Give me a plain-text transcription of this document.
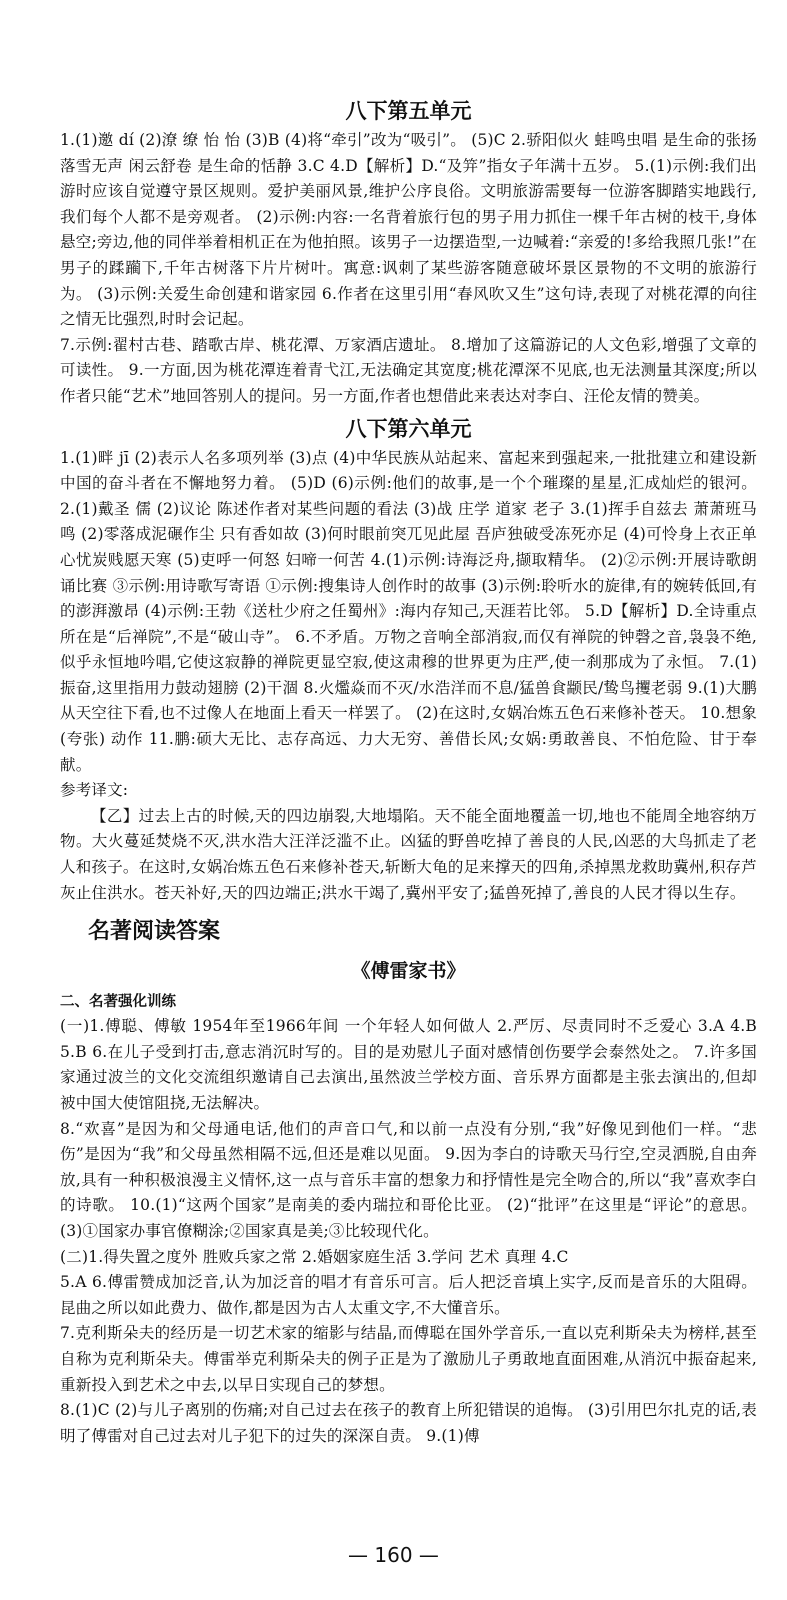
八下第五单元

1.(1)邀 dí (2)潦 缭 怡 怡 (3)B (4)将“牵引”改为“吸引”。 (5)C 2.骄阳似火 蛙鸣虫唱 是生命的张扬 落雪无声 闲云舒卷 是生命的恬静 3.C 4.D【解析】D.“及笄”指女子年满十五岁。 5.(1)示例:我们出游时应该自觉遵守景区规则。爱护美丽风景,维护公序良俗。文明旅游需要每一位游客脚踏实地践行,我们每个人都不是旁观者。 (2)示例:内容:一名背着旅行包的男子用力抓住一棵千年古树的枝干,身体悬空;旁边,他的同伴举着相机正在为他拍照。该男子一边摆造型,一边喊着:“亲爱的!多给我照几张!”在男子的蹂躏下,千年古树落下片片树叶。寓意:讽刺了某些游客随意破坏景区景物的不文明的旅游行为。 (3)示例:关爱生命创建和谐家园 6.作者在这里引用“春风吹又生”这句诗,表现了对桃花潭的向往之情无比强烈,时时会记起。

7.示例:翟村古巷、踏歌古岸、桃花潭、万家酒店遗址。 8.增加了这篇游记的人文色彩,增强了文章的可读性。 9.一方面,因为桃花潭连着青弋江,无法确定其宽度;桃花潭深不见底,也无法测量其深度;所以作者只能“艺术”地回答别人的提问。另一方面,作者也想借此来表达对李白、汪伦友情的赞美。

八下第六单元

1.(1)畔 jī (2)表示人名多项列举 (3)点 (4)中华民族从站起来、富起来到强起来,一批批建立和建设新中国的奋斗者在不懈地努力着。 (5)D (6)示例:他们的故事,是一个个璀璨的星星,汇成灿烂的银河。 2.(1)戴圣 儒 (2)议论 陈述作者对某些问题的看法 (3)战 庄学 道家 老子 3.(1)挥手自兹去 萧萧班马鸣 (2)零落成泥碾作尘 只有香如故 (3)何时眼前突兀见此屋 吾庐独破受冻死亦足 (4)可怜身上衣正单 心忧炭贱愿天寒 (5)吏呼一何怒 妇啼一何苦 4.(1)示例:诗海泛舟,撷取精华。 (2)②示例:开展诗歌朗诵比赛 ③示例:用诗歌写寄语 ①示例:搜集诗人创作时的故事 (3)示例:聆听水的旋律,有的婉转低回,有的澎湃激昂 (4)示例:王勃《送杜少府之任蜀州》:海内存知己,天涯若比邻。 5.D【解析】D.全诗重点所在是“后禅院”,不是“破山寺”。 6.不矛盾。万物之音响全部消寂,而仅有禅院的钟磬之音,袅袅不绝,似乎永恒地吟唱,它使这寂静的禅院更显空寂,使这肃穆的世界更为庄严,使一刹那成为了永恒。 7.(1)振奋,这里指用力鼓动翅膀 (2)干涸 8.火爁焱而不灭/水浩洋而不息/猛兽食颛民/鸷鸟攫老弱 9.(1)大鹏从天空往下看,也不过像人在地面上看天一样罢了。 (2)在这时,女娲冶炼五色石来修补苍天。 10.想象(夸张) 动作 11.鹏:硕大无比、志存高远、力大无穷、善借长风;女娲:勇敢善良、不怕危险、甘于奉献。

参考译文:

【乙】过去上古的时候,天的四边崩裂,大地塌陷。天不能全面地覆盖一切,地也不能周全地容纳万物。大火蔓延焚烧不灭,洪水浩大汪洋泛滥不止。凶猛的野兽吃掉了善良的人民,凶恶的大鸟抓走了老人和孩子。在这时,女娲冶炼五色石来修补苍天,斩断大龟的足来撑天的四角,杀掉黑龙救助冀州,积存芦灰止住洪水。苍天补好,天的四边端正;洪水干竭了,冀州平安了;猛兽死掉了,善良的人民才得以生存。

名著阅读答案
《傅雷家书》
二、名著强化训练

(一)1.傅聪、傅敏 1954年至1966年间 一个年轻人如何做人 2.严厉、尽责同时不乏爱心 3.A 4.B 5.B 6.在儿子受到打击,意志消沉时写的。目的是劝慰儿子面对感情创伤要学会泰然处之。 7.许多国家通过波兰的文化交流组织邀请自己去演出,虽然波兰学校方面、音乐界方面都是主张去演出的,但却被中国大使馆阻挠,无法解决。

8.“欢喜”是因为和父母通电话,他们的声音口气,和以前一点没有分别,“我”好像见到他们一样。“悲伤”是因为“我”和父母虽然相隔不远,但还是难以见面。 9.因为李白的诗歌天马行空,空灵洒脱,自由奔放,具有一种积极浪漫主义情怀,这一点与音乐丰富的想象力和抒情性是完全吻合的,所以“我”喜欢李白的诗歌。 10.(1)“这两个国家”是南美的委内瑞拉和哥伦比亚。 (2)“批评”在这里是“评论”的意思。 (3)①国家办事官僚糊涂;②国家真是美;③比较现代化。

(二)1.得失置之度外 胜败兵家之常 2.婚姻家庭生活 3.学问 艺术 真理 4.C

5.A 6.傅雷赞成加泛音,认为加泛音的唱才有音乐可言。后人把泛音填上实字,反而是音乐的大阻碍。昆曲之所以如此费力、做作,都是因为古人太重文字,不大懂音乐。

7.克利斯朵夫的经历是一切艺术家的缩影与结晶,而傅聪在国外学音乐,一直以克利斯朵夫为榜样,甚至自称为克利斯朵夫。傅雷举克利斯朵夫的例子正是为了激励儿子勇敢地直面困难,从消沉中振奋起来,重新投入到艺术之中去,以早日实现自己的梦想。

8.(1)C (2)与儿子离别的伤痛;对自己过去在孩子的教育上所犯错误的追悔。 (3)引用巴尔扎克的话,表明了傅雷对自己过去对儿子犯下的过失的深深自责。 9.(1)傅

— 160 —
